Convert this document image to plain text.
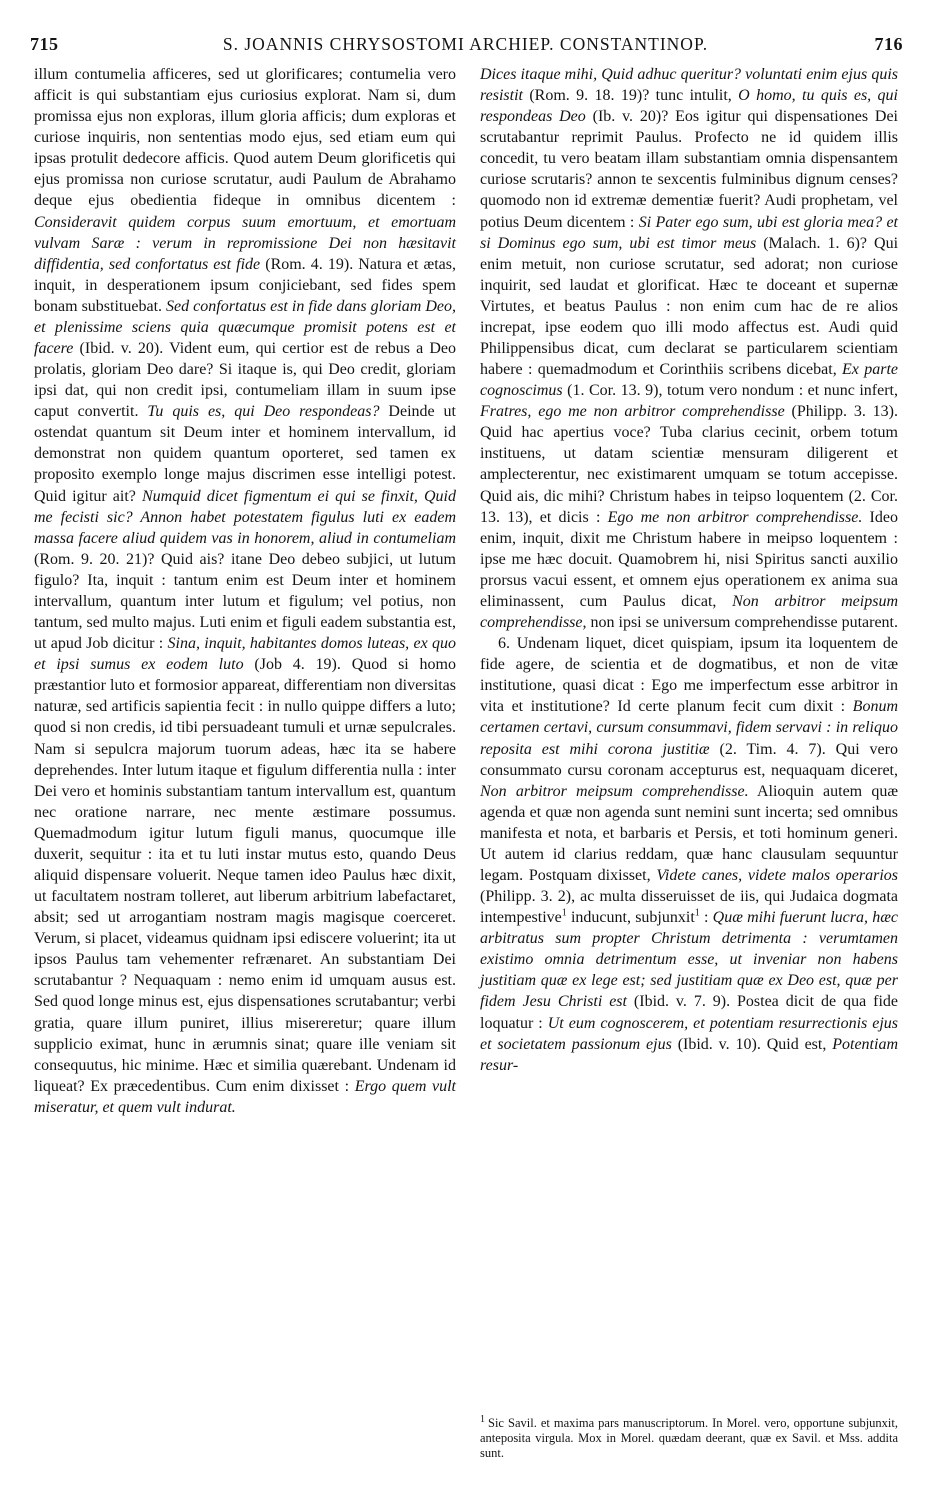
715	S. JOANNIS CHRYSOSTOMI ARCHIEP. CONSTANTINOP.	716

illum contumelia afficeres, sed ut glorificares; contumelia vero afficit is qui substantiam ejus curiosius explorat. Nam si, dum promissa ejus non exploras, illum gloria afficis; dum exploras et curiose inquiris, non sententias modo ejus, sed etiam eum qui ipsas protulit dedecore afficis. Quod autem Deum glorificetis qui ejus promissa non curiose scrutatur, audi Paulum de Abrahamo deque ejus obedientia fideque in omnibus dicentem : Consideravit quidem corpus suum emortuum, et emortuam vulvam Saræ : verum in repromissione Dei non hæsitavit diffidentia, sed confortatus est fide (Rom. 4. 19). Natura et ætas, inquit, in desperationem ipsum conjiciebant, sed fides spem bonam substituebat. Sed confortatus est in fide dans gloriam Deo, et plenissime sciens quia quæcumque promisit potens est et facere (Ibid. v. 20). Vident eum, qui certior est de rebus a Deo prolatis, gloriam Deo dare? Si itaque is, qui Deo credit, gloriam ipsi dat, qui non credit ipsi, contumeliam illam in suum ipse caput convertit. Tu quis es, qui Deo respondeas? Deinde ut ostendat quantum sit Deum inter et hominem intervallum, id demonstrat non quidem quantum oporteret, sed tamen ex proposito exemplo longe majus discrimen esse intelligi potest. Quid igitur ait? Numquid dicet figmentum ei qui se finxit, Quid me fecisti sic? Annon habet potestatem figulus luti ex eadem massa facere aliud quidem vas in honorem, aliud in contumeliam (Rom. 9. 20. 21)? Quid ais? itane Deo debeo subjici, ut lutum figulo? Ita, inquit : tantum enim est Deum inter et hominem intervallum, quantum inter lutum et figulum; vel potius, non tantum, sed multo majus. Luti enim et figuli eadem substantia est, ut apud Job dicitur : Sina, inquit, habitantes domos luteas, ex quo et ipsi sumus ex eodem luto (Job 4. 19). Quod si homo præstantior luto et formosior appareat, differentiam non diversitas naturæ, sed artificis sapientia fecit : in nullo quippe differs a luto; quod si non credis, id tibi persuadeant tumuli et urnæ sepulcrales. Nam si sepulcra majorum tuorum adeas, hæc ita se habere deprehendes. Inter lutum itaque et figulum differentia nulla : inter Dei vero et hominis substantiam tantum intervallum est, quantum nec oratione narrare, nec mente æstimare possumus. Quemadmodum igitur lutum figuli manus, quocumque ille duxerit, sequitur : ita et tu luti instar mutus esto, quando Deus aliquid dispensare voluerit. Neque tamen ideo Paulus hæc dixit, ut facultatem nostram tolleret, aut liberum arbitrium labefactaret, absit; sed ut arrogantiam nostram magis magisque coerceret. Verum, si placet, videamus quidnam ipsi ediscere voluerint; ita ut ipsos Paulus tam vehementer refrænaret. An substantiam Dei scrutabantur ? Nequaquam : nemo enim id umquam ausus est. Sed quod longe minus est, ejus dispensationes scrutabantur; verbi gratia, quare illum puniret, illius misereretur; quare illum supplicio eximat, hunc in ærumnis sinat; quare ille veniam sit consequutus, hic minime. Hæc et similia quærebant. Undenam id liqueat? Ex præcedentibus. Cum enim dixisset : Ergo quem vult miseratur, et quem vult indurat.

Dices itaque mihi, Quid adhuc queritur? voluntati enim ejus quis resistit (Rom. 9. 18. 19)? tunc intulit, O homo, tu quis es, qui respondeas Deo (Ib. v. 20)? Eos igitur qui dispensationes Dei scrutabantur reprimit Paulus. Profecto ne id quidem illis concedit, tu vero beatam illam substantiam omnia dispensantem curiose scrutaris? annon te sexcentis fulminibus dignum censes? quomodo non id extremæ dementiæ fuerit? Audi prophetam, vel potius Deum dicentem : Si Pater ego sum, ubi est gloria mea? et si Dominus ego sum, ubi est timor meus (Malach. 1. 6)? Qui enim metuit, non curiose scrutatur, sed adorat; non curiose inquirit, sed laudat et glorificat. Hæc te doceant et supernæ Virtutes, et beatus Paulus : non enim cum hac de re alios increpat, ipse eodem quo illi modo affectus est. Audi quid Philippensibus dicat, cum declarat se particularem scientiam habere : quemadmodum et Corinthiis scribens dicebat, Ex parte cognoscimus (1. Cor. 13. 9), totum vero nondum : et nunc infert, Fratres, ego me non arbitror comprehendisse (Philipp. 3. 13). Quid hac apertius voce? Tuba clarius cecinit, orbem totum instituens, ut datam scientiæ mensuram diligerent et amplecterentur, nec existimarent umquam se totum accepisse. Quid ais, dic mihi? Christum habes in teipso loquentem (2. Cor. 13. 13), et dicis : Ego me non arbitror comprehendisse. Ideo enim, inquit, dixit me Christum habere in meipso loquentem : ipse me hæc docuit. Quamobrem hi, nisi Spiritus sancti auxilio prorsus vacui essent, et omnem ejus operationem ex anima sua eliminassent, cum Paulus dicat, Non arbitror meipsum comprehendisse, non ipsi se universum comprehendisse putarent.

6. Undenam liquet, dicet quispiam, ipsum ita loquentem de fide agere, de scientia et de dogmatibus, et non de vitæ institutione, quasi dicat : Ego me imperfectum esse arbitror in vita et institutione? Id certe planum fecit cum dixit : Bonum certamen certavi, cursum consummavi, fidem servavi : in reliquo reposita est mihi corona justitiæ (2. Tim. 4. 7). Qui vero consummato cursu coronam accepturus est, nequaquam diceret, Non arbitror meipsum comprehendisse. Alioquin autem quæ agenda et quæ non agenda sunt nemini sunt incerta; sed omnibus manifesta et nota, et barbaris et Persis, et toti hominum generi. Ut autem id clarius reddam, quæ hanc clausulam sequuntur legam. Postquam dixisset, Videte canes, videte malos operarios (Philipp. 3. 2), ac multa disseruisset de iis, qui Judaica dogmata intempestive$^1$ inducunt, subjunxit$^1$ : Quæ mihi fuerunt lucra, hæc arbitratus sum propter Christum detrimenta : verumtamen existimo omnia detrimentum esse, ut inveniar non habens justitiam quæ ex lege est; sed justitiam quæ ex Deo est, quæ per fidem Jesu Christi est (Ibid. v. 7. 9). Postea dicit de qua fide loquatur : Ut eum cognoscerem, et potentiam resurrectionis ejus et societatem passionum ejus (Ibid. v. 10). Quid est, Potentiam resur-

$^1$ Sic Savil. et maxima pars manuscriptorum. In Morel. vero, opportune subjunxit, anteposita virgula. Mox in Morel. quædam deerant, quæ ex Savil. et Mss. addita sunt.
